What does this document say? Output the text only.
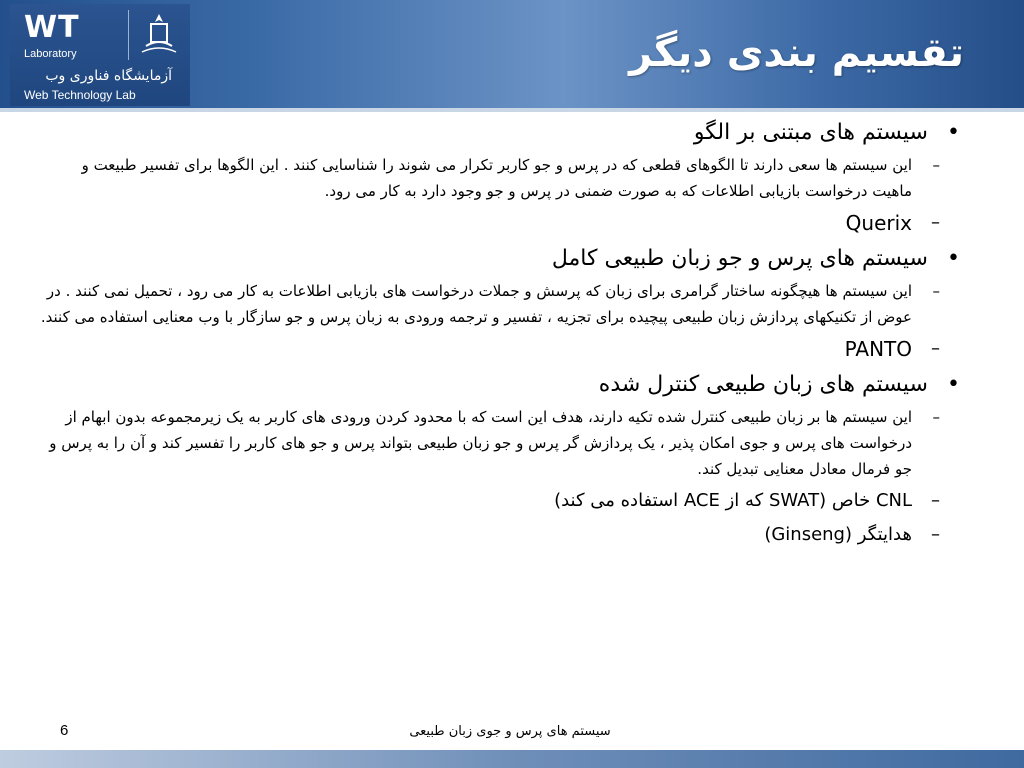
WT
Laboratory
آزمایشگاه فناوری وب
Web Technology Lab
تقسیم بندی دیگر
• سیستم های مبتنی بر الگو
–
این سیستم ها سعی دارند تا الگوهای قطعی که در پرس و جو کاربر تکرار می شوند را شناسایی کنند . این الگوها برای تفسیر طبیعت و ماهیت درخواست بازیابی اطلاعات که به صورت ضمنی در پرس و جو وجود دارد به کار می رود.
–
Querix
• سیستم های پرس و جو زبان طبیعی کامل
–
این سیستم ها هیچگونه ساختار گرامری برای زبان که پرسش و جملات درخواست های بازیابی اطلاعات به کار می رود ، تحمیل نمی کنند . در عوض از تکنیکهای پردازش زبان طبیعی پیچیده برای تجزیه ، تفسیر و ترجمه ورودی به زبان پرس و جو سازگار با وب معنایی استفاده می کنند.
–
PANTO
• سیستم های زبان طبیعی کنترل شده
–
این سیستم ها بر زبان طبیعی کنترل شده تکیه دارند، هدف این است که با محدود کردن ورودی های کاربر به یک زیرمجموعه بدون ابهام از درخواست های پرس و جوی امکان پذیر ، یک پردازش گر پرس و جو زبان طبیعی بتواند پرس و جو های کاربر را تفسیر کند و آن را به پرس و جو فرمال معادل معنایی تبدیل کند.
–
CNL خاص (SWAT که از ACE استفاده می کند)
–
هدایتگر (Ginseng)
سیستم های پرس و جوی زبان طبیعی
6
